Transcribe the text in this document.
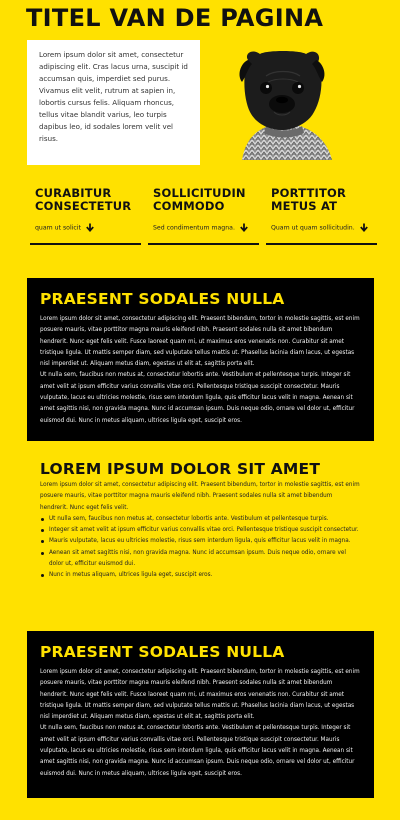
TITEL VAN DE PAGINA

Lorem ipsum dolor sit amet, consectetur adipiscing elit. Cras lacus urna, suscipit id accumsan quis, imperdiet sed purus. Vivamus elit velit, rutrum at sapien in, lobortis cursus felis. Aliquam rhoncus, tellus vitae blandit varius, leo turpis dapibus leo, id sodales lorem velit vel risus.

CURABITUR CONSECTETUR
quam ut solicit
SOLLICITUDIN COMMODO
Sed condimentum magna.
PORTTITOR METUS AT
Quam ut quam sollicitudin.
PRAESENT SODALES NULLA

Lorem ipsum dolor sit amet, consectetur adipiscing elit. Praesent bibendum, tortor in molestie sagittis, est enim posuere mauris, vitae porttitor magna mauris eleifend nibh. Praesent sodales nulla sit amet bibendum hendrerit. Nunc eget felis velit. Fusce laoreet quam mi, ut maximus eros venenatis non. Curabitur sit amet tristique ligula. Ut mattis semper diam, sed vulputate tellus mattis ut. Phasellus lacinia diam lacus, ut egestas nisl imperdiet ut. Aliquam metus diam, egestas ut elit at, sagittis porta elit.

Ut nulla sem, faucibus non metus at, consectetur lobortis ante. Vestibulum et pellentesque turpis. Integer sit amet velit at ipsum efficitur varius convallis vitae orci. Pellentesque tristique suscipit consectetur. Mauris vulputate, lacus eu ultricies molestie, risus sem interdum ligula, quis efficitur lacus velit in magna. Aenean sit amet sagittis nisi, non gravida magna. Nunc id accumsan ipsum. Duis neque odio, ornare vel dolor ut, efficitur euismod dui. Nunc in metus aliquam, ultrices ligula eget, suscipit eros.

LOREM IPSUM DOLOR SIT AMET

Lorem ipsum dolor sit amet, consectetur adipiscing elit. Praesent bibendum, tortor in molestie sagittis, est enim posuere mauris, vitae porttitor magna mauris eleifend nibh. Praesent sodales nulla sit amet bibendum hendrerit. Nunc eget felis velit.

Ut nulla sem, faucibus non metus at, consectetur lobortis ante. Vestibulum et pellentesque turpis.
Integer sit amet velit at ipsum efficitur varius convallis vitae orci. Pellentesque tristique suscipit consectetur.
Mauris vulputate, lacus eu ultricies molestie, risus sem interdum ligula, quis efficitur lacus velit in magna.
Aenean sit amet sagittis nisi, non gravida magna. Nunc id accumsan ipsum. Duis neque odio, ornare vel dolor ut, efficitur euismod dui.
Nunc in metus aliquam, ultrices ligula eget, suscipit eros.
PRAESENT SODALES NULLA

Lorem ipsum dolor sit amet, consectetur adipiscing elit. Praesent bibendum, tortor in molestie sagittis, est enim posuere mauris, vitae porttitor magna mauris eleifend nibh. Praesent sodales nulla sit amet bibendum hendrerit. Nunc eget felis velit. Fusce laoreet quam mi, ut maximus eros venenatis non. Curabitur sit amet tristique ligula. Ut mattis semper diam, sed vulputate tellus mattis ut. Phasellus lacinia diam lacus, ut egestas nisl imperdiet ut. Aliquam metus diam, egestas ut elit at, sagittis porta elit.

Ut nulla sem, faucibus non metus at, consectetur lobortis ante. Vestibulum et pellentesque turpis. Integer sit amet velit at ipsum efficitur varius convallis vitae orci. Pellentesque tristique suscipit consectetur. Mauris vulputate, lacus eu ultricies molestie, risus sem interdum ligula, quis efficitur lacus velit in magna. Aenean sit amet sagittis nisi, non gravida magna. Nunc id accumsan ipsum. Duis neque odio, ornare vel dolor ut, efficitur euismod dui. Nunc in metus aliquam, ultrices ligula eget, suscipit eros.
